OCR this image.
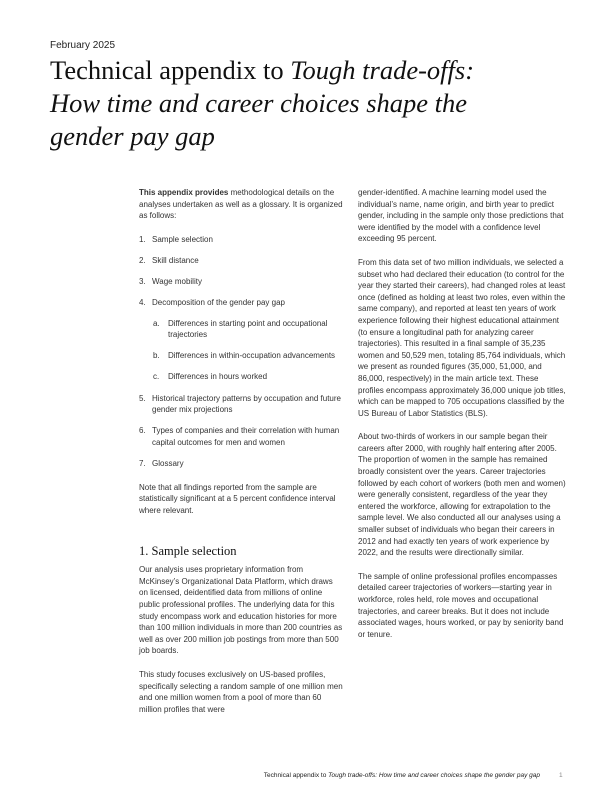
February 2025
Technical appendix to Tough trade-offs: How time and career choices shape the gender pay gap

This appendix provides methodological details on the analyses undertaken as well as a glossary. It is organized as follows:

1. Sample selection
2. Skill distance
3. Wage mobility
4. Decomposition of the gender pay gap
a.	Differences in starting point and occupational trajectories
b.	Differences in within-occupation advancements
c.	Differences in hours worked
5. Historical trajectory patterns by occupation and future gender mix projections
6. Types of companies and their correlation with human capital outcomes for men and women
7. Glossary

Note that all findings reported from the sample are statistically significant at a 5 percent confidence interval where relevant.

1. Sample selection

Our analysis uses proprietary information from McKinsey’s Organizational Data Platform, which draws on licensed, deidentified data from millions of online public professional profiles. The underlying data for this study encompass work and education histories for more than 100 million individuals in more than 200 countries as well as over 200 million job postings from more than 500 job boards.

This study focuses exclusively on US-based profiles, specifically selecting a random sample of one million men and one million women from a pool of more than 60 million profiles that were

gender-identified. A machine learning model used the individual’s name, name origin, and birth year to predict gender, including in the sample only those predictions that were identified by the model with a confidence level exceeding 95 percent.

From this data set of two million individuals, we selected a subset who had declared their education (to control for the year they started their careers), had changed roles at least once (defined as holding at least two roles, even within the same company), and reported at least ten years of work experience following their highest educational attainment (to ensure a longitudinal path for analyzing career trajectories). This resulted in a final sample of 35,235 women and 50,529 men, totaling 85,764 individuals, which we present as rounded figures (35,000, 51,000, and 86,000, respectively) in the main article text. These profiles encompass approximately 36,000 unique job titles, which can be mapped to 705 occupations classified by the US Bureau of Labor Statistics (BLS).

About two-thirds of workers in our sample began their careers after 2000, with roughly half entering after 2005. The proportion of women in the sample has remained broadly consistent over the years. Career trajectories followed by each cohort of workers (both men and women) were generally consistent, regardless of the year they entered the workforce, allowing for extrapolation to the sample level. We also conducted all our analyses using a smaller subset of individuals who began their careers in 2012 and had exactly ten years of work experience by 2022, and the results were directionally similar.

The sample of online professional profiles encompasses detailed career trajectories of workers—starting year in workforce, roles held, role moves and occupational trajectories, and career breaks. But it does not include associated wages, hours worked, or pay by seniority band or tenure.

Technical appendix to Tough trade-offs: How time and career choices shape the gender pay gap	1
